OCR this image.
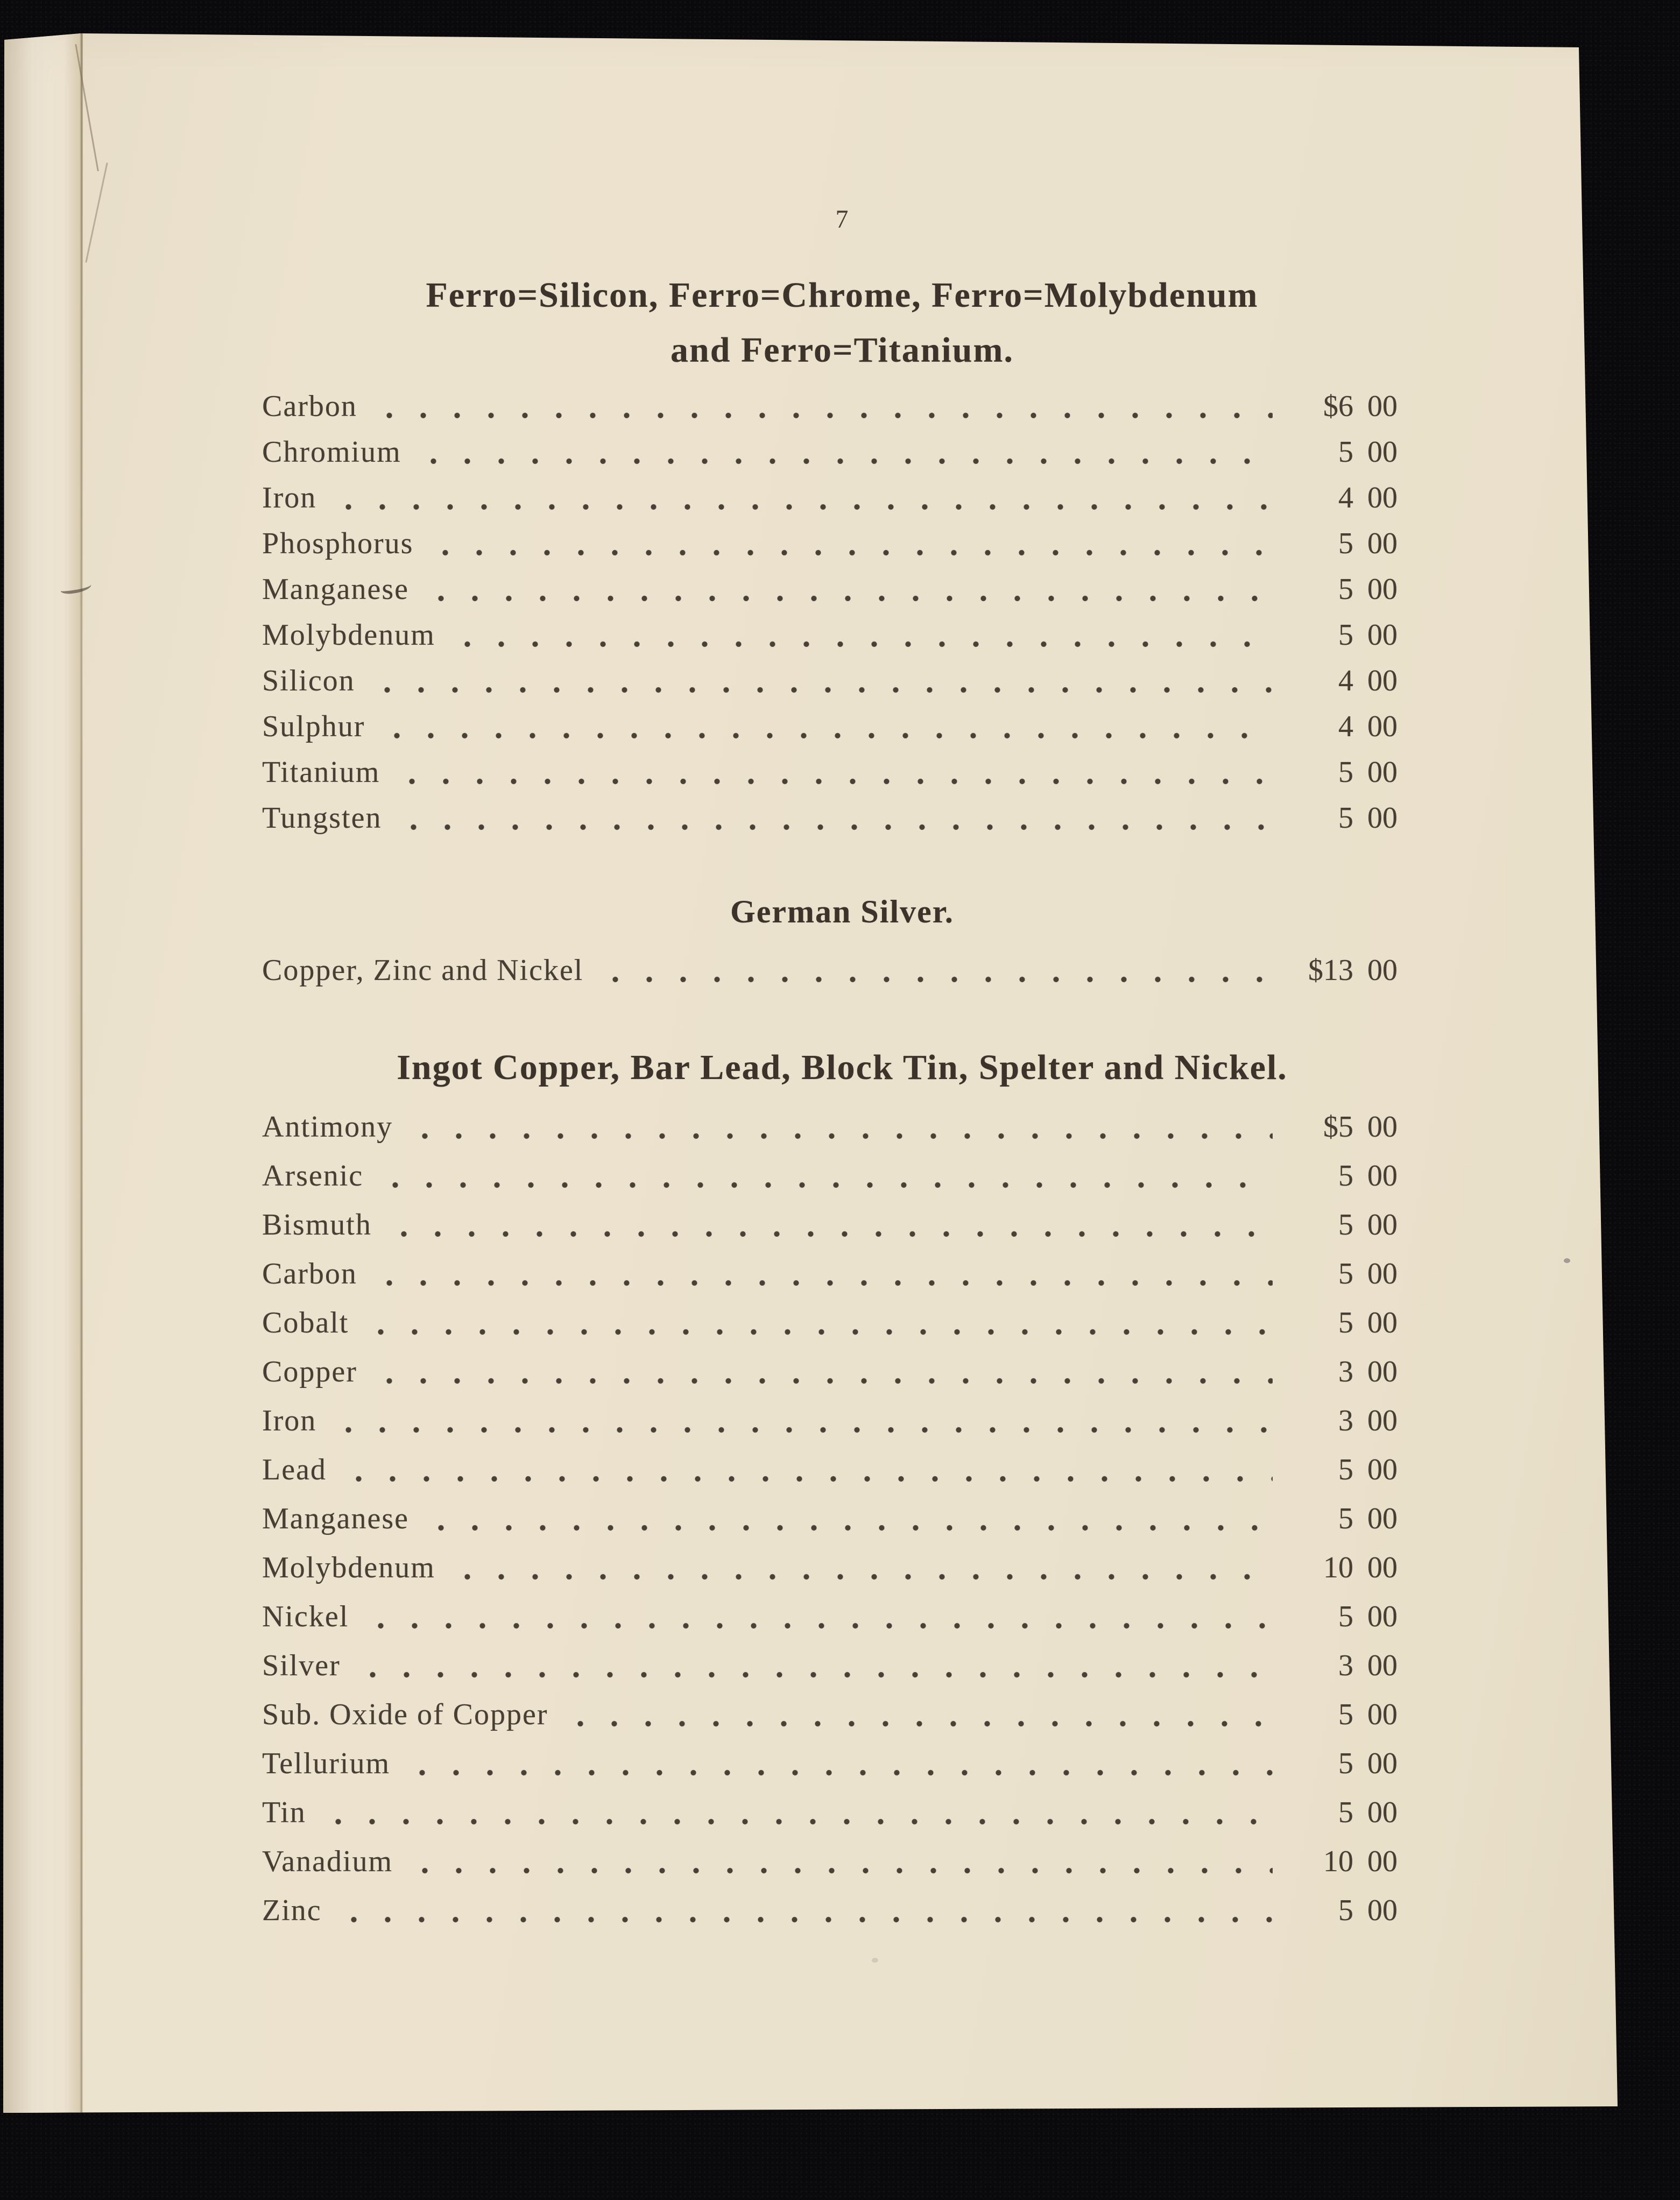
7
Ferro=Silicon, Ferro=Chrome, Ferro=Molybdenum
and Ferro=Titanium.
Carbon	$6 00
Chromium	5 00
Iron	4 00
Phosphorus	5 00
Manganese	5 00
Molybdenum	5 00
Silicon	4 00
Sulphur	4 00
Titanium	5 00
Tungsten	5 00
German Silver.
Copper, Zinc and Nickel	$13 00
Ingot Copper, Bar Lead, Block Tin, Spelter and Nickel.
Antimony	$5 00
Arsenic	5 00
Bismuth	5 00
Carbon	5 00
Cobalt	5 00
Copper	3 00
Iron	3 00
Lead	5 00
Manganese	5 00
Molybdenum	10 00
Nickel	5 00
Silver	3 00
Sub. Oxide of Copper	5 00
Tellurium	5 00
Tin	5 00
Vanadium	10 00
Zinc	5 00
